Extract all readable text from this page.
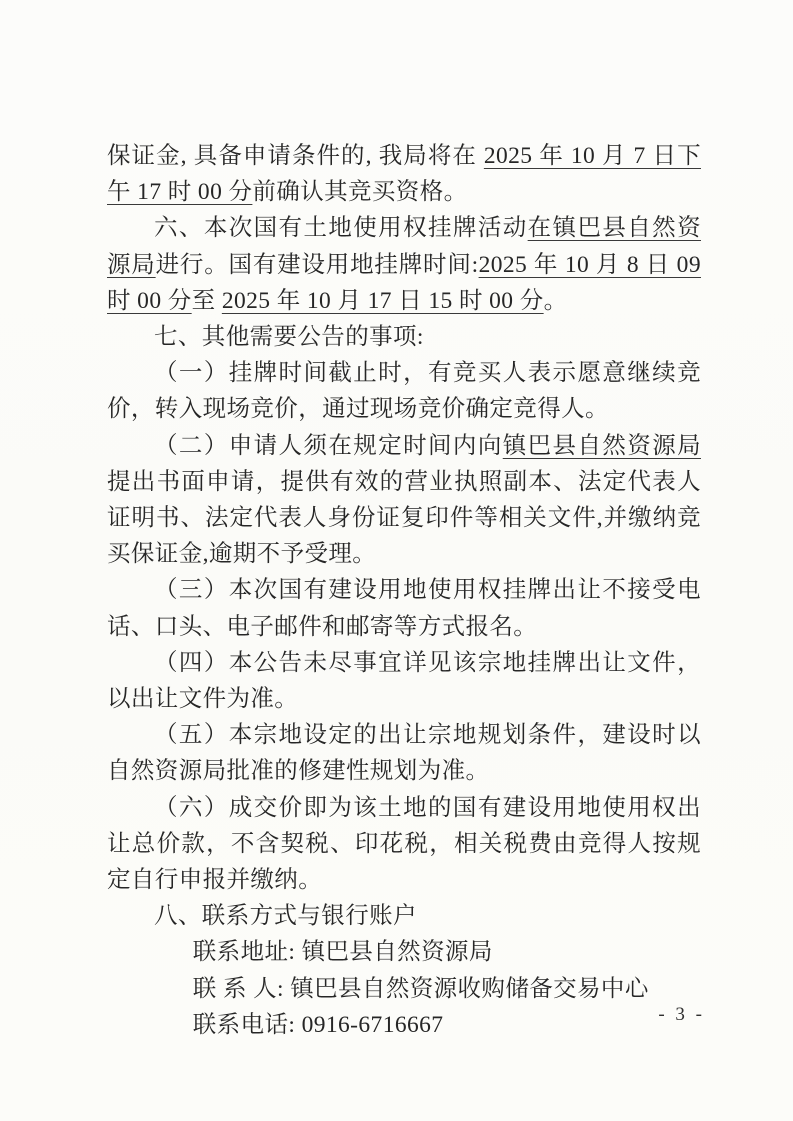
保证金, 具备申请条件的, 我局将在 2025 年 10 月 7 日下午 17 时 00 分前确认其竞买资格。

六、本次国有土地使用权挂牌活动在镇巴县自然资源局进行。国有建设用地挂牌时间:2025 年 10 月 8 日 09 时 00 分至 2025 年 10 月 17 日 15 时 00 分。

七、其他需要公告的事项:

（一）挂牌时间截止时，有竞买人表示愿意继续竞价，转入现场竞价，通过现场竞价确定竞得人。

（二）申请人须在规定时间内向镇巴县自然资源局提出书面申请，提供有效的营业执照副本、法定代表人证明书、法定代表人身份证复印件等相关文件,并缴纳竞买保证金,逾期不予受理。

（三）本次国有建设用地使用权挂牌出让不接受电话、口头、电子邮件和邮寄等方式报名。

（四）本公告未尽事宜详见该宗地挂牌出让文件，以出让文件为准。

（五）本宗地设定的出让宗地规划条件，建设时以自然资源局批准的修建性规划为准。

（六）成交价即为该土地的国有建设用地使用权出让总价款，不含契税、印花税，相关税费由竞得人按规定自行申报并缴纳。

八、联系方式与银行账户

联系地址: 镇巴县自然资源局

联 系 人: 镇巴县自然资源收购储备交易中心

联系电话: 0916-6716667	- 3 -
